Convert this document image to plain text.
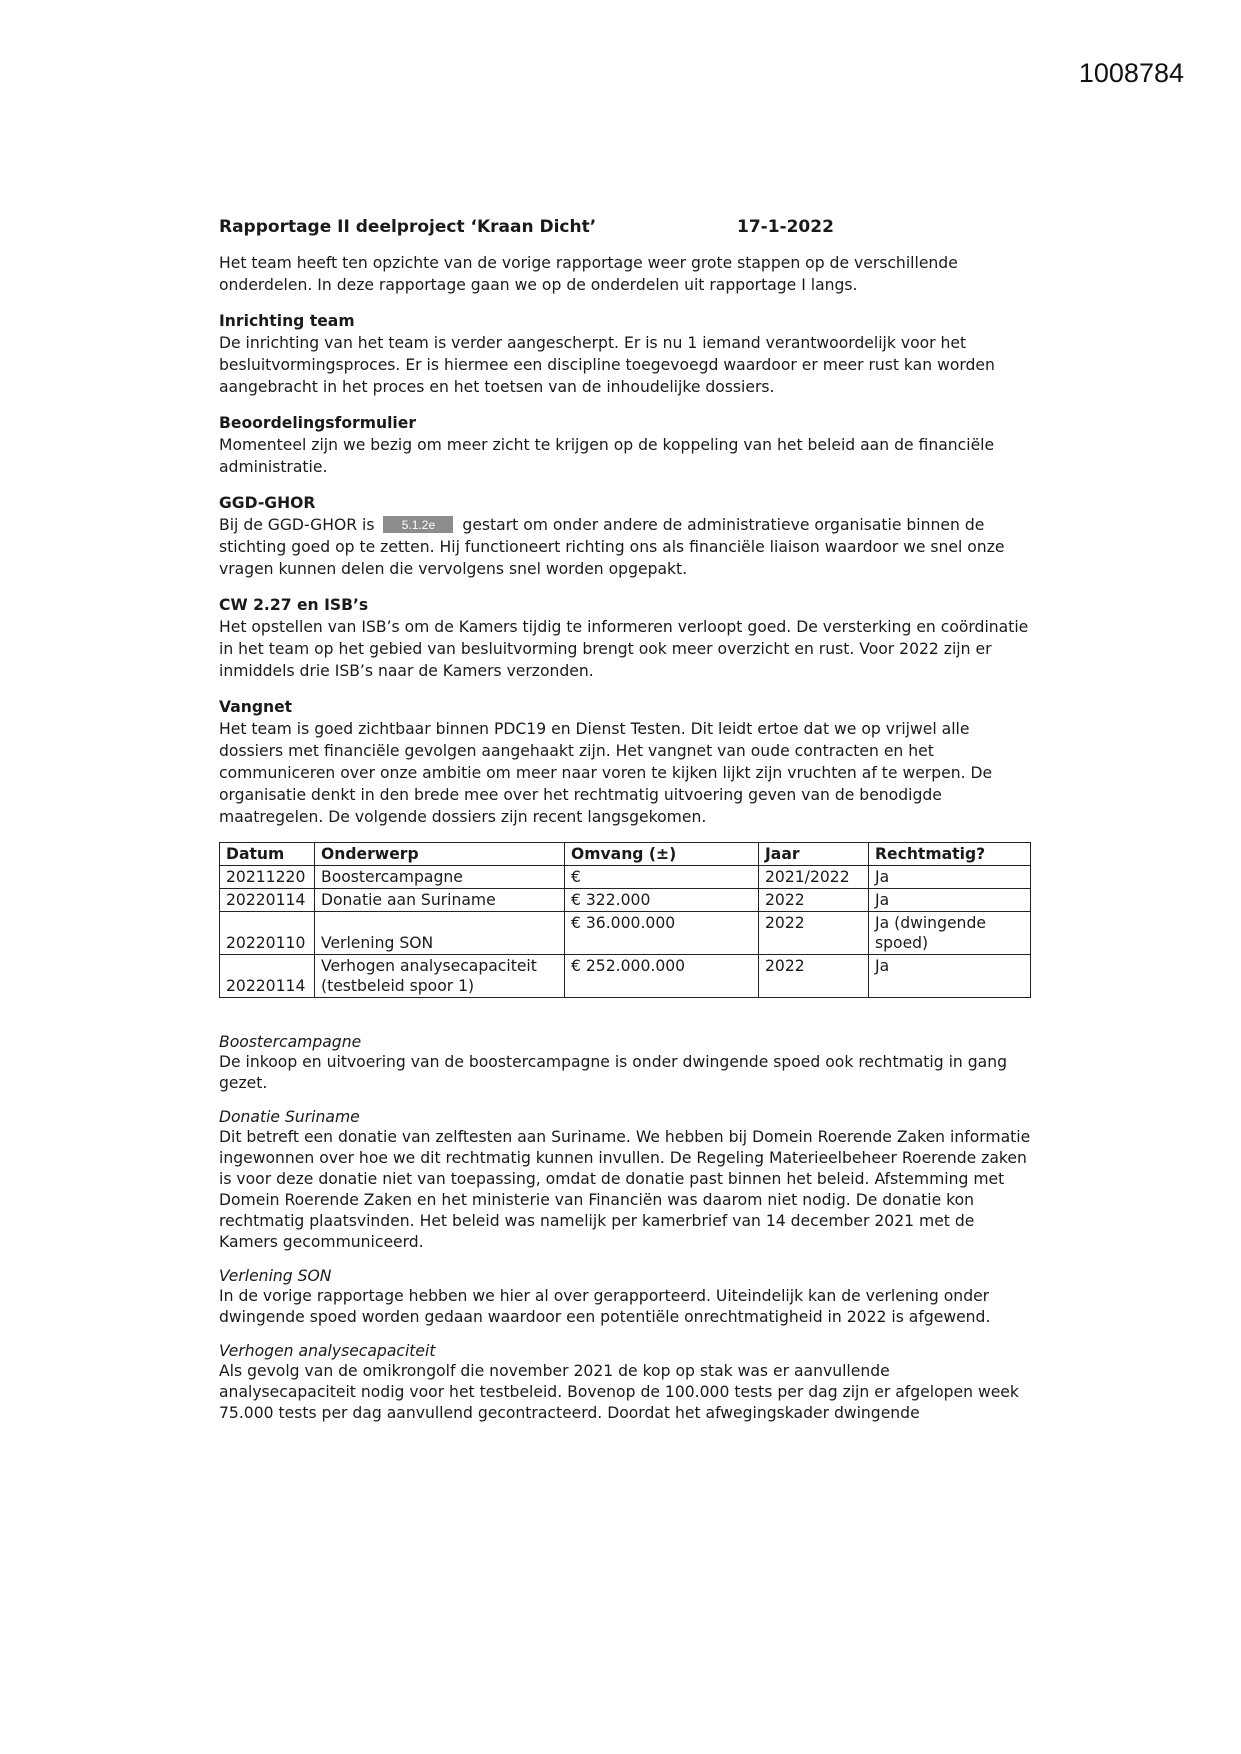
1008784
Rapportage II deelproject ‘Kraan Dicht’	17-1-2022

Het team heeft ten opzichte van de vorige rapportage weer grote stappen op de verschillende onderdelen. In deze rapportage gaan we op de onderdelen uit rapportage I langs.

Inrichting team

De inrichting van het team is verder aangescherpt. Er is nu 1 iemand verantwoordelijk voor het besluitvormingsproces. Er is hiermee een discipline toegevoegd waardoor er meer rust kan worden aangebracht in het proces en het toetsen van de inhoudelijke dossiers.

Beoordelingsformulier

Momenteel zijn we bezig om meer zicht te krijgen op de koppeling van het beleid aan de financiële administratie.

GGD-GHOR

Bij de GGD-GHOR is 5.1.2e gestart om onder andere de administratieve organisatie binnen de stichting goed op te zetten. Hij functioneert richting ons als financiële liaison waardoor we snel onze vragen kunnen delen die vervolgens snel worden opgepakt.

CW 2.27 en ISB’s

Het opstellen van ISB’s om de Kamers tijdig te informeren verloopt goed. De versterking en coördinatie in het team op het gebied van besluitvorming brengt ook meer overzicht en rust. Voor 2022 zijn er inmiddels drie ISB’s naar de Kamers verzonden.

Vangnet

Het team is goed zichtbaar binnen PDC19 en Dienst Testen. Dit leidt ertoe dat we op vrijwel alle dossiers met financiële gevolgen aangehaakt zijn. Het vangnet van oude contracten en het communiceren over onze ambitie om meer naar voren te kijken lijkt zijn vruchten af te werpen. De organisatie denkt in den brede mee over het rechtmatig uitvoering geven van de benodigde maatregelen. De volgende dossiers zijn recent langsgekomen.

Datum	Onderwerp	Omvang (±)	Jaar	Rechtmatig?
20211220	Boostercampagne	€	2021/2022	Ja
20220114	Donatie aan Suriname	€ 322.000	2022	Ja
20220110	Verlening SON	€ 36.000.000	2022	Ja (dwingende spoed)
20220114	Verhogen analysecapaciteit (testbeleid spoor 1)	€ 252.000.000	2022	Ja
Boostercampagne

De inkoop en uitvoering van de boostercampagne is onder dwingende spoed ook rechtmatig in gang gezet.

Donatie Suriname

Dit betreft een donatie van zelftesten aan Suriname. We hebben bij Domein Roerende Zaken informatie ingewonnen over hoe we dit rechtmatig kunnen invullen. De Regeling Materieelbeheer Roerende zaken is voor deze donatie niet van toepassing, omdat de donatie past binnen het beleid. Afstemming met Domein Roerende Zaken en het ministerie van Financiën was daarom niet nodig. De donatie kon rechtmatig plaatsvinden. Het beleid was namelijk per kamerbrief van 14 december 2021 met de Kamers gecommuniceerd.

Verlening SON

In de vorige rapportage hebben we hier al over gerapporteerd. Uiteindelijk kan de verlening onder dwingende spoed worden gedaan waardoor een potentiële onrechtmatigheid in 2022 is afgewend.

Verhogen analysecapaciteit

Als gevolg van de omikrongolf die november 2021 de kop op stak was er aanvullende analysecapaciteit nodig voor het testbeleid. Bovenop de 100.000 tests per dag zijn er afgelopen week 75.000 tests per dag aanvullend gecontracteerd. Doordat het afwegingskader dwingende
